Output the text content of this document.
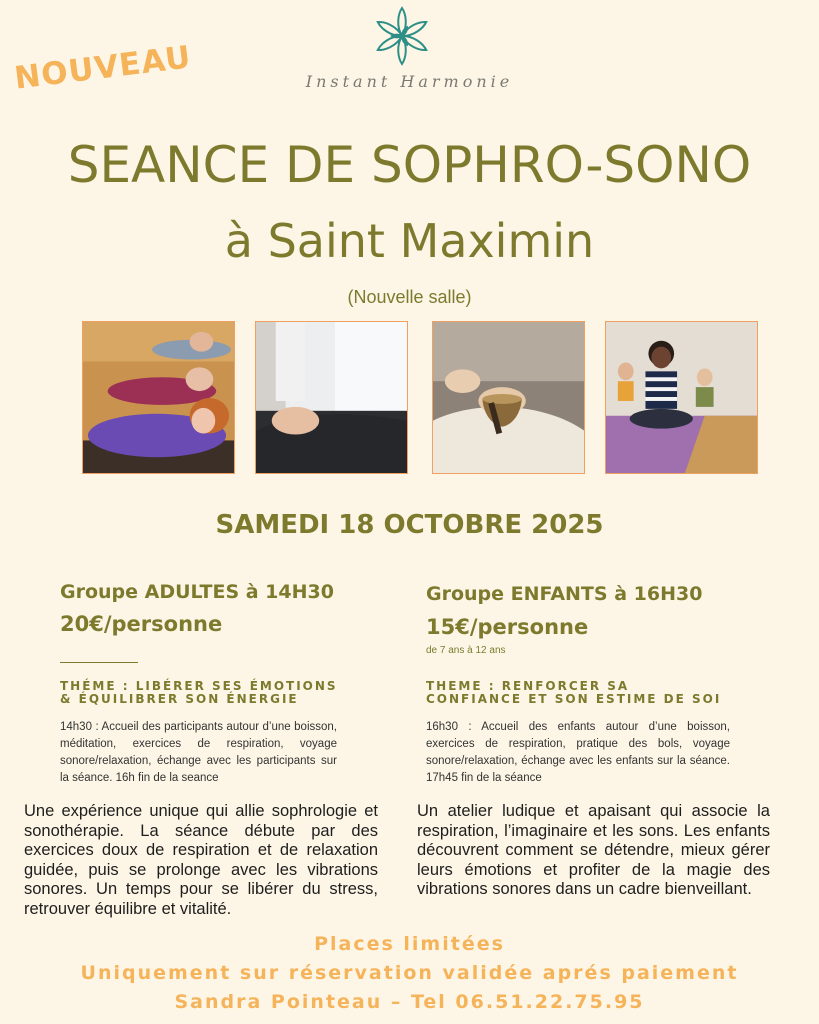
NOUVEAU	Instant Harmonie
SEANCE DE SOPHRO-SONO
à Saint Maximin
(Nouvelle salle)
SAMEDI 18 OCTOBRE 2025
Groupe ADULTES à 14H30
20€/personne
THÉME : LIBÉRER SES ÉMOTIONS
& ÉQUILIBRER SON ÉNERGIE
14h30 : Accueil des participants autour d’une boisson, méditation, exercices de respiration, voyage sonore/relaxation, échange avec les participants sur la séance. 16h fin de la seance
Une expérience unique qui allie sophrologie et sonothérapie. La séance débute par des exercices doux de respiration et de relaxation guidée, puis se prolonge avec les vibrations sonores. Un temps pour se libérer du stress, retrouver équilibre et vitalité.
Groupe ENFANTS à 16H30
15€/personne
de 7 ans à 12 ans
THEME : RENFORCER SA
CONFIANCE ET SON ESTIME DE SOI
16h30 : Accueil des enfants autour d’une boisson, exercices de respiration, pratique des bols, voyage sonore/relaxation, échange avec les enfants sur la séance. 17h45 fin de la séance
Un atelier ludique et apaisant qui associe la respiration, l’imaginaire et les sons. Les enfants découvrent comment se détendre, mieux gérer leurs émotions et profiter de la magie des vibrations sonores dans un cadre bienveillant.
Places limitées
Uniquement sur réservation validée aprés paiement
Sandra Pointeau – Tel 06.51.22.75.95
